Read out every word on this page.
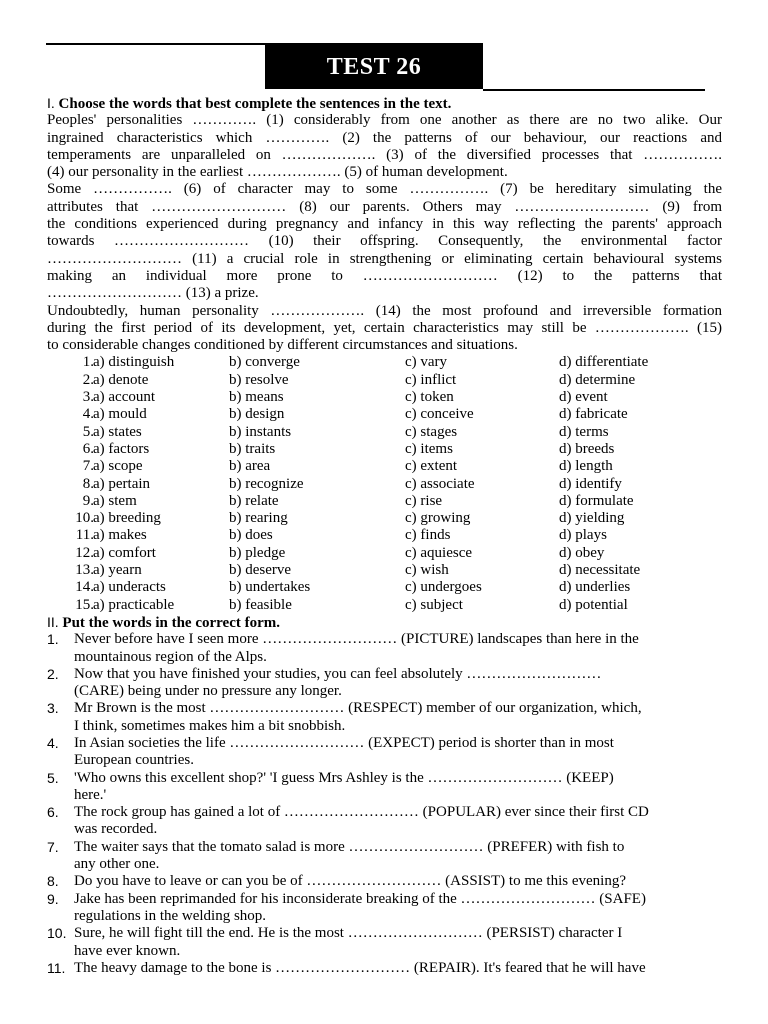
TEST 26
I. Choose the words that best complete the sentences in the text.
Peoples' personalities …………. (1) considerably from one another as there are no two alike. Our
ingrained characteristics which …………. (2) the patterns of our behaviour, our reactions and
temperaments are unparalleled on ………………. (3) of the diversified processes that …………….
(4) our personality in the earliest ………………. (5) of human development.
Some ……………. (6) of character may to some ……………. (7) be hereditary simulating the
attributes that ……………………… (8) our parents. Others may ……………………… (9) from
the conditions experienced during pregnancy and infancy in this way reflecting the parents' approach
towards ……………………… (10) their offspring. Consequently, the environmental factor
……………………… (11) a crucial role in strengthening or eliminating certain behavioural systems
making an individual more prone to ……………………… (12) to the patterns that
……………………… (13) a prize.
Undoubtedly, human personality ………………. (14) the most profound and irreversible formation
during the first period of its development, yet, certain characteristics may still be ………………. (15)
to considerable changes conditioned by different circumstances and situations.
1. a) distinguish	b) converge	c) vary	d) differentiate
2. a) denote	b) resolve	c) inflict	d) determine
3. a) account	b) means	c) token	d) event
4. a) mould	b) design	c) conceive	d) fabricate
5. a) states	b) instants	c) stages	d) terms
6. a) factors	b) traits	c) items	d) breeds
7. a) scope	b) area	c) extent	d) length
8. a) pertain	b) recognize	c) associate	d) identify
9. a) stem	b) relate	c) rise	d) formulate
10. a) breeding	b) rearing	c) growing	d) yielding
11. a) makes	b) does	c) finds	d) plays
12. a) comfort	b) pledge	c) aquiesce	d) obey
13. a) yearn	b) deserve	c) wish	d) necessitate
14. a) underacts	b) undertakes	c) undergoes	d) underlies
15. a) practicable	b) feasible	c) subject	d) potential
II. Put the words in the correct form.
1.	Never before have I seen more ……………………… (PICTURE) landscapes than here in the
mountainous region of the Alps.
2.	Now that you have finished your studies, you can feel absolutely ………………………
(CARE) being under no pressure any longer.
3.	Mr Brown is the most ……………………… (RESPECT) member of our organization, which,
I think, sometimes makes him a bit snobbish.
4.	In Asian societies the life ……………………… (EXPECT) period is shorter than in most
European countries.
5.	'Who owns this excellent shop?' 'I guess Mrs Ashley is the ……………………… (KEEP)
here.'
6.	The rock group has gained a lot of ……………………… (POPULAR) ever since their first CD
was recorded.
7.	The waiter says that the tomato salad is more ……………………… (PREFER) with fish to
any other one.
8.	Do you have to leave or can you be of ……………………… (ASSIST) to me this evening?
9.	Jake has been reprimanded for his inconsiderate breaking of the ……………………… (SAFE)
regulations in the welding shop.
10. Sure, he will fight till the end. He is the most ……………………… (PERSIST) character I
have ever known.
11. The heavy damage to the bone is ……………………… (REPAIR). It's feared that he will have
